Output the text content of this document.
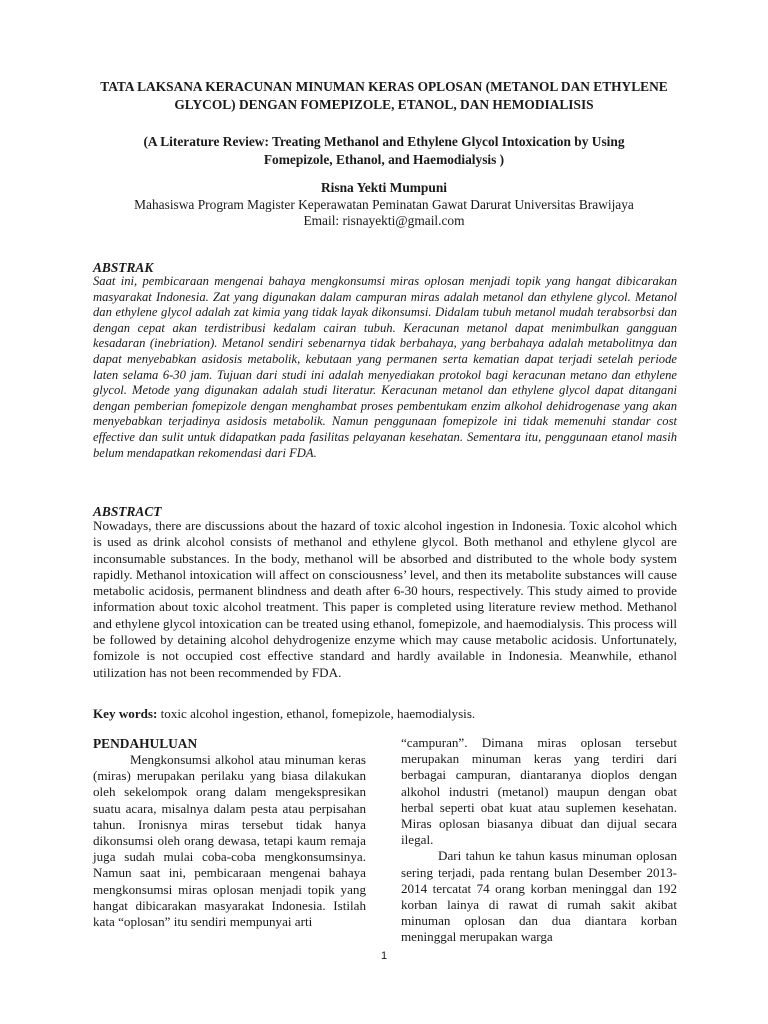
TATA LAKSANA KERACUNAN MINUMAN KERAS OPLOSAN (METANOL DAN ETHYLENE GLYCOL) DENGAN FOMEPIZOLE, ETANOL, DAN HEMODIALISIS
(A Literature Review: Treating Methanol and Ethylene Glycol Intoxication by Using Fomepizole, Ethanol, and Haemodialysis )
Risna Yekti Mumpuni
Mahasiswa Program Magister Keperawatan Peminatan Gawat Darurat Universitas Brawijaya
Email: risnayekti@gmail.com
ABSTRAK

Saat ini, pembicaraan mengenai bahaya mengkonsumsi miras oplosan menjadi topik yang hangat dibicarakan masyarakat Indonesia. Zat yang digunakan dalam campuran miras adalah metanol dan ethylene glycol. Metanol dan ethylene glycol adalah zat kimia yang tidak layak dikonsumsi. Didalam tubuh metanol mudah terabsorbsi dan dengan cepat akan terdistribusi kedalam cairan tubuh. Keracunan metanol dapat menimbulkan gangguan kesadaran (inebriation). Metanol sendiri sebenarnya tidak berbahaya, yang berbahaya adalah metabolitnya dan dapat menyebabkan asidosis metabolik, kebutaan yang permanen serta kematian dapat terjadi setelah periode laten selama 6-30 jam. Tujuan dari studi ini adalah menyediakan protokol bagi keracunan metano dan ethylene glycol. Metode yang digunakan adalah studi literatur. Keracunan metanol dan ethylene glycol dapat ditangani dengan pemberian fomepizole dengan menghambat proses pembentukam enzim alkohol dehidrogenase yang akan menyebabkan terjadinya asidosis metabolik. Namun penggunaan fomepizole ini tidak memenuhi standar cost effective dan sulit untuk didapatkan pada fasilitas pelayanan kesehatan. Sementara itu, penggunaan etanol masih belum mendapatkan rekomendasi dari FDA.

ABSTRACT

Nowadays, there are discussions about the hazard of toxic alcohol ingestion in Indonesia. Toxic alcohol which is used as drink alcohol consists of methanol and ethylene glycol. Both methanol and ethylene glycol are inconsumable substances. In the body, methanol will be absorbed and distributed to the whole body system rapidly. Methanol intoxication will affect on consciousness’ level, and then its metabolite substances will cause metabolic acidosis, permanent blindness and death after 6-30 hours, respectively. This study aimed to provide information about toxic alcohol treatment. This paper is completed using literature review method. Methanol and ethylene glycol intoxication can be treated using ethanol, fomepizole, and haemodialysis. This process will be followed by detaining alcohol dehydrogenize enzyme which may cause metabolic acidosis. Unfortunately, fomizole is not occupied cost effective standard and hardly available in Indonesia. Meanwhile, ethanol utilization has not been recommended by FDA.

Key words: toxic alcohol ingestion, ethanol, fomepizole, haemodialysis.
PENDAHULUAN

Mengkonsumsi alkohol atau minuman keras (miras) merupakan perilaku yang biasa dilakukan oleh sekelompok orang dalam mengekspresikan suatu acara, misalnya dalam pesta atau perpisahan tahun. Ironisnya miras tersebut tidak hanya dikonsumsi oleh orang dewasa, tetapi kaum remaja juga sudah mulai coba-coba mengkonsumsinya. Namun saat ini, pembicaraan mengenai bahaya mengkonsumsi miras oplosan menjadi topik yang hangat dibicarakan masyarakat Indonesia. Istilah kata “oplosan” itu sendiri mempunyai arti

“campuran”. Dimana miras oplosan tersebut merupakan minuman keras yang terdiri dari berbagai campuran, diantaranya dioplos dengan alkohol industri (metanol) maupun dengan obat herbal seperti obat kuat atau suplemen kesehatan. Miras oplosan biasanya dibuat dan dijual secara ilegal.

Dari tahun ke tahun kasus minuman oplosan sering terjadi, pada rentang bulan Desember 2013-2014 tercatat 74 orang korban meninggal dan 192 korban lainya di rawat di rumah sakit akibat minuman oplosan dan dua diantara korban meninggal merupakan warga

1
